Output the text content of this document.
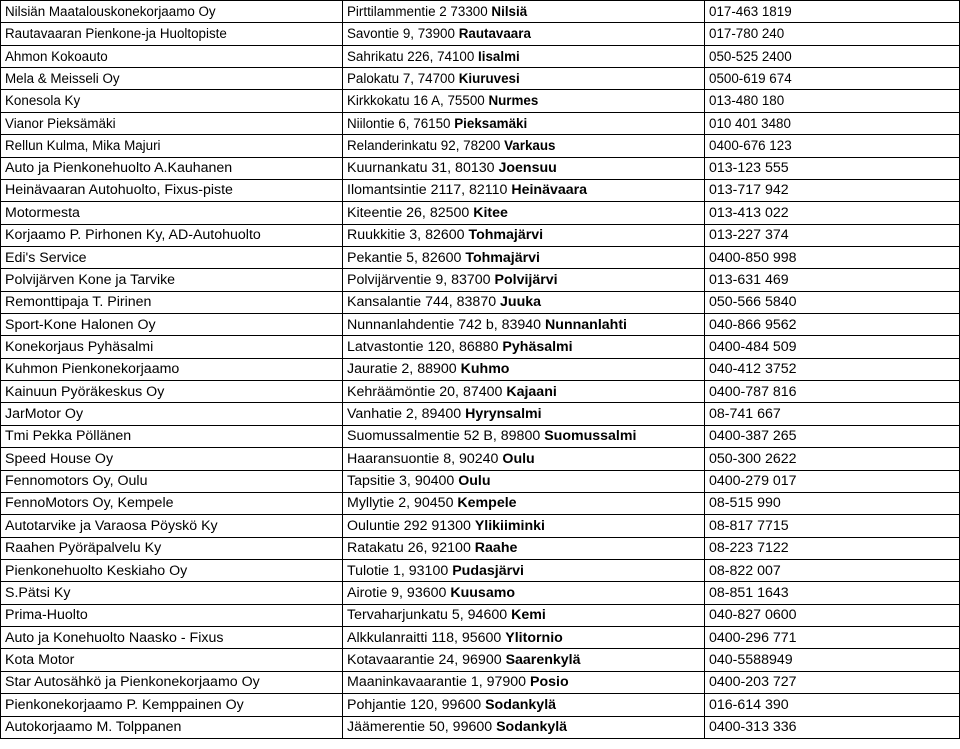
Nilsiän Maatalouskonekorjaamo Oy	Pirttilammentie 2 73300 Nilsiä	017-463 1819
Rautavaaran Pienkone-ja Huoltopiste	Savontie 9, 73900 Rautavaara	017-780 240
Ahmon Kokoauto	Sahrikatu 226, 74100 Iisalmi	050-525 2400
Mela & Meisseli Oy	Palokatu 7, 74700 Kiuruvesi	0500-619 674
Konesola Ky	Kirkkokatu 16 A, 75500 Nurmes	013-480 180
Vianor Pieksämäki	Niilontie 6, 76150 Pieksamäki	010 401 3480
Rellun Kulma, Mika Majuri	Relanderinkatu 92, 78200 Varkaus	0400-676 123
Auto ja Pienkonehuolto A.Kauhanen	Kuurnankatu 31, 80130 Joensuu	013-123 555
Heinävaaran Autohuolto, Fixus-piste	Ilomantsintie 2117, 82110 Heinävaara	013-717 942
Motormesta	Kiteentie 26, 82500 Kitee	013-413 022
Korjaamo P. Pirhonen Ky, AD-Autohuolto	Ruukkitie 3, 82600 Tohmajärvi	013-227 374
Edi's Service	Pekantie 5, 82600 Tohmajärvi	0400-850 998
Polvijärven Kone ja Tarvike	Polvijärventie 9, 83700 Polvijärvi	013-631 469
Remonttipaja T. Pirinen	Kansalantie 744, 83870 Juuka	050-566 5840
Sport-Kone Halonen Oy	Nunnanlahdentie 742 b, 83940 Nunnanlahti	040-866 9562
Konekorjaus Pyhäsalmi	Latvastontie 120, 86880 Pyhäsalmi	0400-484 509
Kuhmon Pienkonekorjaamo	Jauratie 2, 88900 Kuhmo	040-412 3752
Kainuun Pyöräkeskus Oy	Kehräämöntie 20, 87400 Kajaani	0400-787 816
JarMotor Oy	Vanhatie 2, 89400 Hyrynsalmi	08-741 667
Tmi Pekka Pöllänen	Suomussalmentie 52 B, 89800 Suomussalmi	0400-387 265
Speed House Oy	Haaransuontie 8, 90240 Oulu	050-300 2622
Fennomotors Oy, Oulu	Tapsitie 3, 90400 Oulu	0400-279 017
FennoMotors Oy, Kempele	Myllytie 2, 90450 Kempele	08-515 990
Autotarvike ja Varaosa Pöyskö Ky	Ouluntie 292 91300 Ylikiiminki	08-817 7715
Raahen Pyöräpalvelu Ky	Ratakatu 26, 92100 Raahe	08-223 7122
Pienkonehuolto Keskiaho Oy	Tulotie 1, 93100 Pudasjärvi	08-822 007
S.Pätsi Ky	Airotie 9, 93600 Kuusamo	08-851 1643
Prima-Huolto	Tervaharjunkatu 5, 94600 Kemi	040-827 0600
Auto ja Konehuolto Naasko - Fixus	Alkkulanraitti 118, 95600 Ylitornio	0400-296 771
Kota Motor	Kotavaarantie 24, 96900 Saarenkylä	040-5588949
Star Autosähkö ja Pienkonekorjaamo Oy	Maaninkavaarantie 1, 97900 Posio	0400-203 727
Pienkonekorjaamo P. Kemppainen Oy	Pohjantie 120, 99600 Sodankylä	016-614 390
Autokorjaamo M. Tolppanen	Jäämerentie 50, 99600 Sodankylä	0400-313 336
